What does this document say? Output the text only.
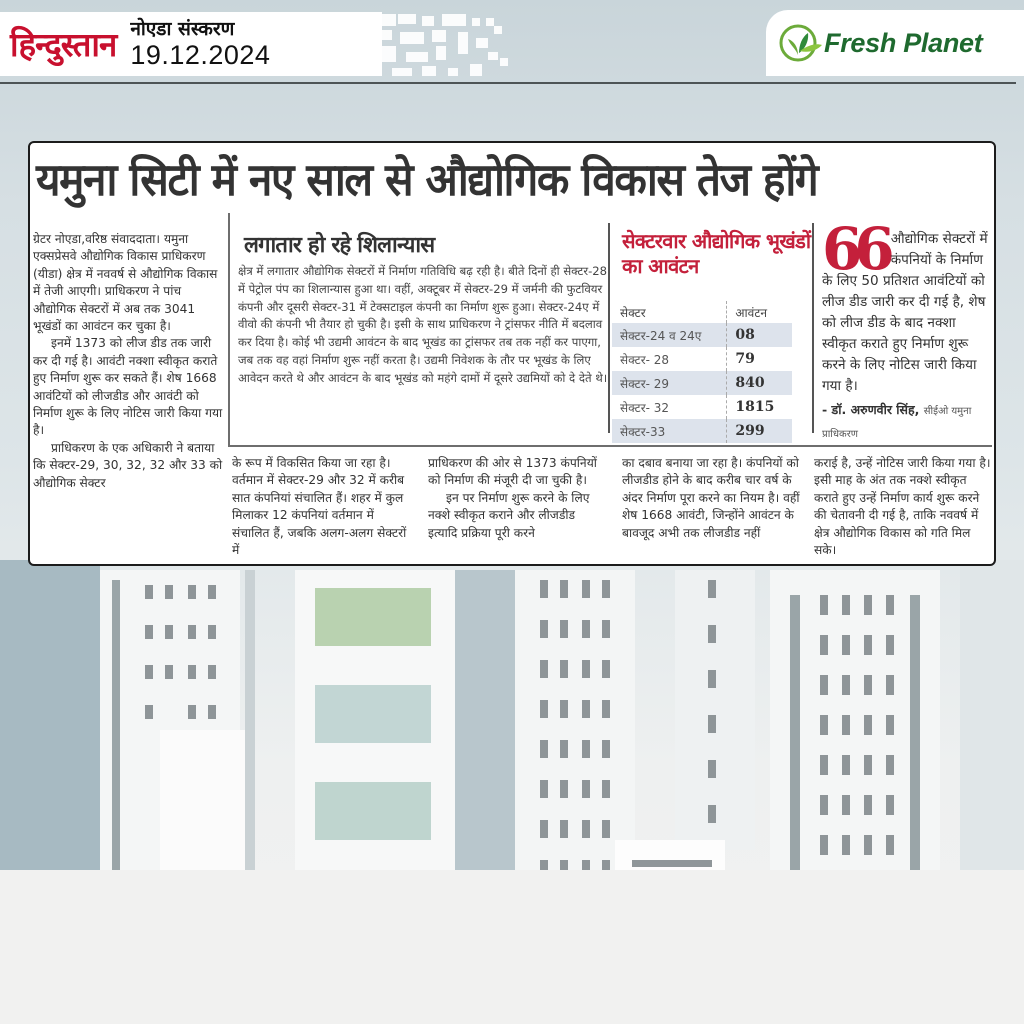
हिन्दुस्तान नोएडा संस्करण
19.12.2024	Fresh Planet
यमुना सिटी में नए साल से औद्योगिक विकास तेज होंगे

ग्रेटर नोएडा,वरिष्ठ संवाददाता। यमुना एक्सप्रेसवे औद्योगिक विकास प्राधिकरण (यीडा) क्षेत्र में नववर्ष से औद्योगिक विकास में तेजी आएगी। प्राधिकरण ने पांच औद्योगिक सेक्टरों में अब तक 3041 भूखंडों का आवंटन कर चुका है।

इनमें 1373 को लीज डीड तक जारी कर दी गई है। आवंटी नक्शा स्वीकृत कराते हुए निर्माण शुरू कर सकते हैं। शेष 1668 आवंटियों को लीजडीड और आवंटी को निर्माण शुरू के लिए नोटिस जारी किया गया है।

प्राधिकरण के एक अधिकारी ने बताया कि सेक्टर-29, 30, 32, 32 और 33 को औद्योगिक सेक्टर

लगातार हो रहे शिलान्यास
क्षेत्र में लगातार औद्योगिक सेक्टरों में निर्माण गतिविधि बढ़ रही है। बीते दिनों ही सेक्टर-28 में पेट्रोल पंप का शिलान्यास हुआ था। वहीं, अक्टूबर में सेक्टर-29 में जर्मनी की फुटवियर कंपनी और दूसरी सेक्टर-31 में टेक्सटाइल कंपनी का निर्माण शुरू हुआ। सेक्टर-24ए में वीवो की कंपनी भी तैयार हो चुकी है। इसी के साथ प्राधिकरण ने ट्रांसफर नीति में बदलाव कर दिया है। कोई भी उद्यमी आवंटन के बाद भूखंड का ट्रांसफर तब तक नहीं कर पाएगा, जब तक वह वहां निर्माण शुरू नहीं करता है। उद्यमी निवेशक के तौर पर भूखंड के लिए आवेदन करते थे और आवंटन के बाद भूखंड को महंगे दामों में दूसरे उद्यमियों को दे देते थे।
सेक्टरवार औद्योगिक भूखंडों का आवंटन
सेक्टर	आवंटन
सेक्टर-24 व 24ए	08
सेक्टर- 28	79
सेक्टर- 29	840
सेक्टर- 32	1815
सेक्टर-33	299
66 औद्योगिक सेक्टरों में कंपनियों के निर्माण के लिए 50 प्रतिशत आवंटियों को लीज डीड जारी कर दी गई है, शेष को लीज डीड के बाद नक्शा स्वीकृत कराते हुए निर्माण शुरू करने के लिए नोटिस जारी किया गया है।
- डॉ. अरुणवीर सिंह, सीईओ यमुना प्राधिकरण
के रूप में विकसित किया जा रहा है। वर्तमान में सेक्टर-29 और 32 में करीब सात कंपनियां संचालित हैं। शहर में कुल मिलाकर 12 कंपनियां वर्तमान में संचालित हैं, जबकि अलग-अलग सेक्टरों में

प्राधिकरण की ओर से 1373 कंपनियों को निर्माण की मंजूरी दी जा चुकी है।

इन पर निर्माण शुरू करने के लिए नक्शे स्वीकृत कराने और लीजडीड इत्यादि प्रक्रिया पूरी करने

का दबाव बनाया जा रहा है। कंपनियों को लीजडीड होने के बाद करीब चार वर्ष के अंदर निर्माण पूरा करने का नियम है। वहीं शेष 1668 आवंटी, जिन्होंने आवंटन के बावजूद अभी तक लीजडीड नहीं
कराई है, उन्हें नोटिस जारी किया गया है। इसी माह के अंत तक नक्शे स्वीकृत कराते हुए उन्हें निर्माण कार्य शुरू करने की चेतावनी दी गई है, ताकि नववर्ष में क्षेत्र औद्योगिक विकास को गति मिल सके।
